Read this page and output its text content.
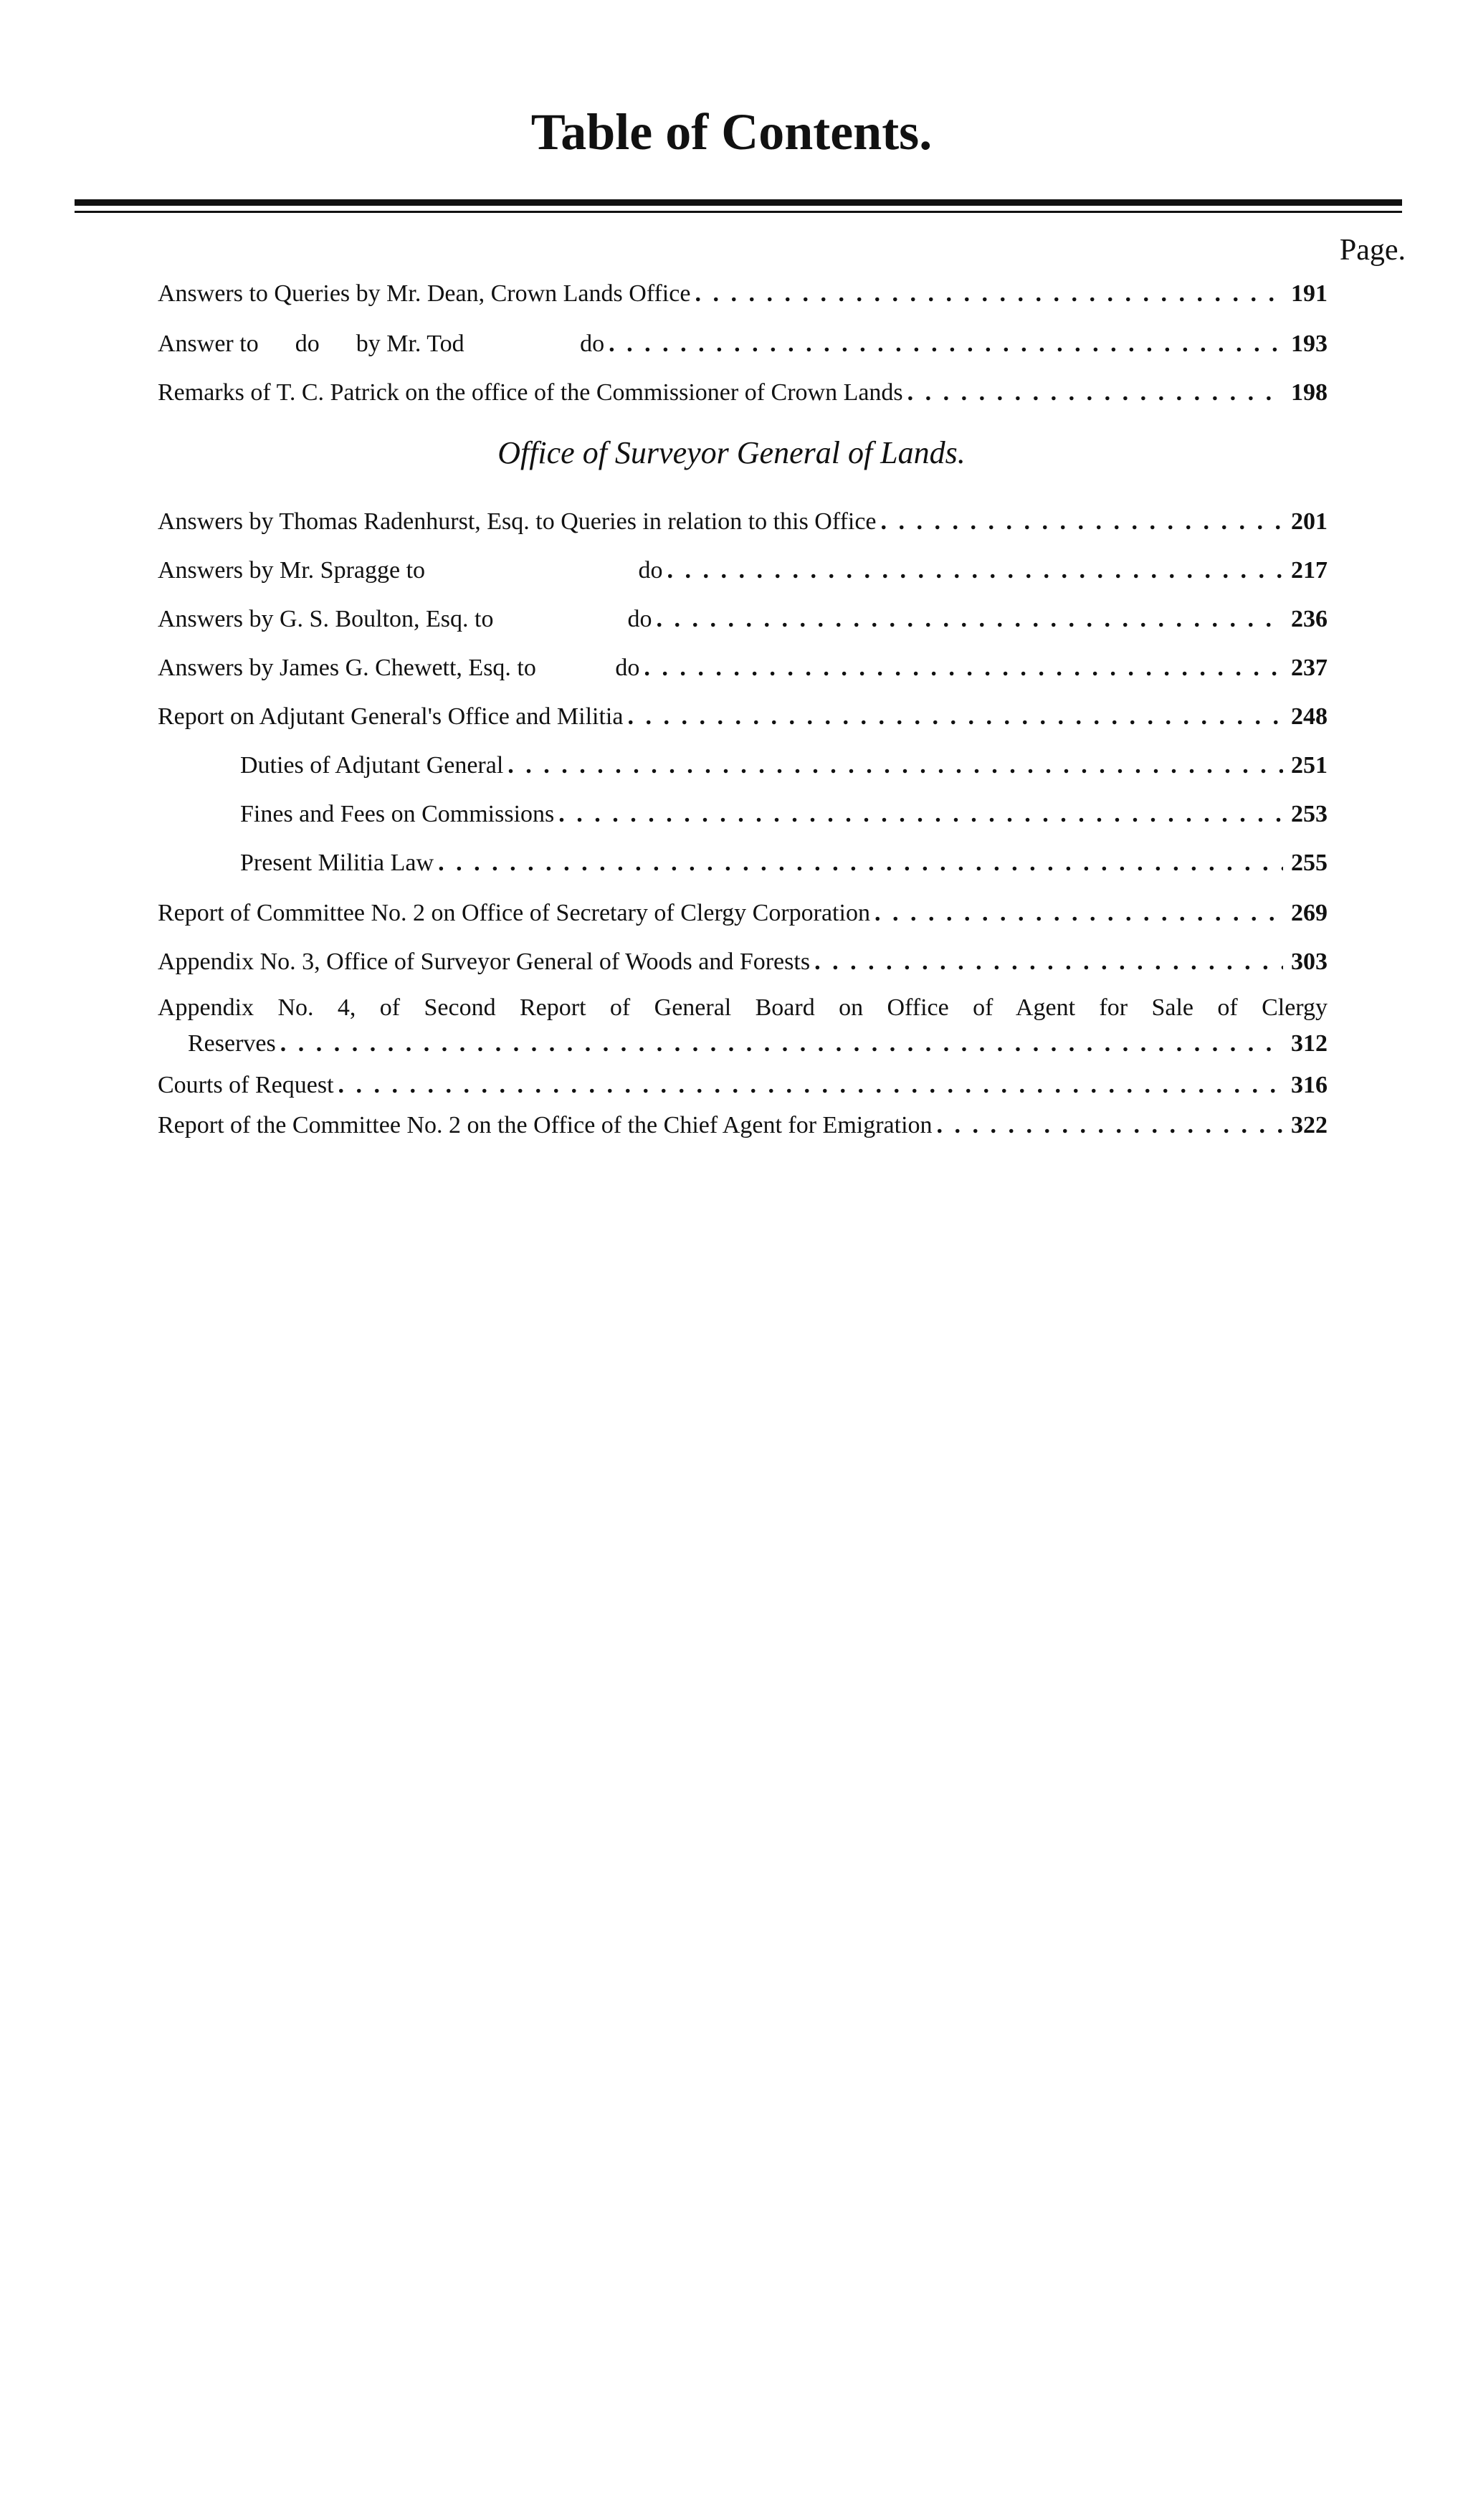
Table of Contents.
Page.
Answers to Queries by Mr. Dean, Crown Lands Office . . .	191
Answer to      do      by Mr. Tod                   do . . .	193
Remarks of T. C. Patrick on the office of the Commissioner of Crown Lands . . .	198
Office of Surveyor General of Lands.
Answers by Thomas Radenhurst, Esq. to Queries in relation to this Office . . .	201
Answers by Mr. Spragge to                                   do . . .	217
Answers by G. S. Boulton, Esq. to                      do . . .	236
Answers by James G. Chewett, Esq. to             do . . .	237
Report on Adjutant General's Office and Militia . . .	248
Duties of Adjutant General . . .	251
Fines and Fees on Commissions . . .	253
Present Militia Law . . .	255
Report of Committee No. 2 on Office of Secretary of Clergy Corporation . . .	269
Appendix No. 3, Office of Surveyor General of Woods and Forests . . .	303
Appendix No. 4, of Second Report of General Board on Office of Agent for Sale of Clergy
Reserves . . .	312
Courts of Request . . .	316
Report of the Committee No. 2 on the Office of the Chief Agent for Emigration . . .	322
